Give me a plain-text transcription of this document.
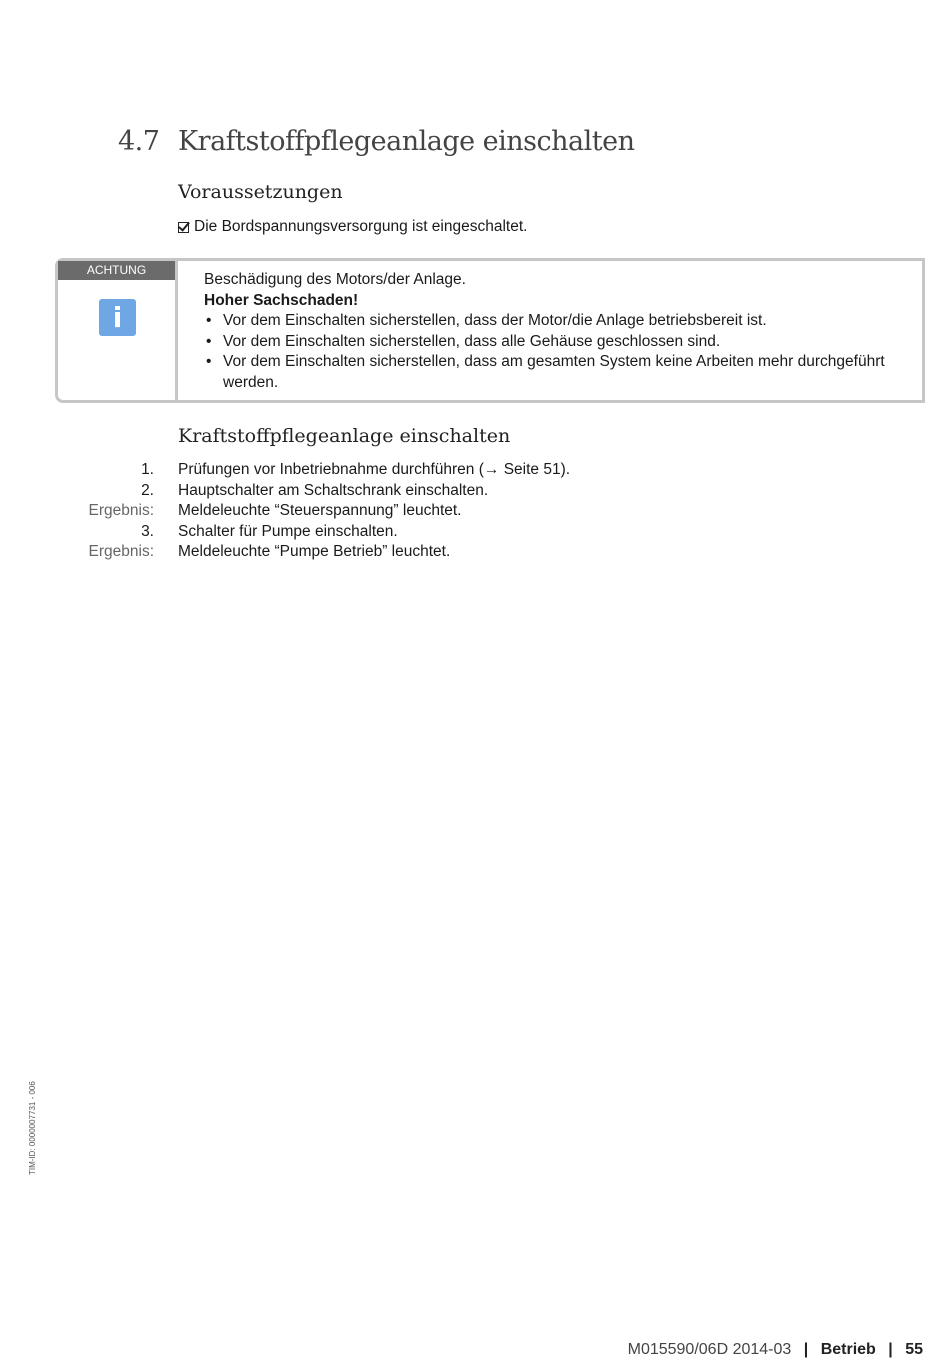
4.7 Kraftstoffpflegeanlage einschalten
Voraussetzungen
Die Bordspannungsversorgung ist eingeschaltet.
ACHTUNG
i
Beschädigung des Motors/der Anlage.
Hoher Sachschaden!
• Vor dem Einschalten sicherstellen, dass der Motor/die Anlage betriebsbereit ist.
• Vor dem Einschalten sicherstellen, dass alle Gehäuse geschlossen sind.
• Vor dem Einschalten sicherstellen, dass am gesamten System keine Arbeiten mehr durchgeführt werden.
Kraftstoffpflegeanlage einschalten
1. Prüfungen vor Inbetriebnahme durchführen (→ Seite 51).
2. Hauptschalter am Schaltschrank einschalten.
Ergebnis: Meldeleuchte “Steuerspannung” leuchtet.
3. Schalter für Pumpe einschalten.
Ergebnis: Meldeleuchte “Pumpe Betrieb” leuchtet.
TIM-ID: 0000007731 - 006
M015590/06D 2014-03 | Betrieb | 55
